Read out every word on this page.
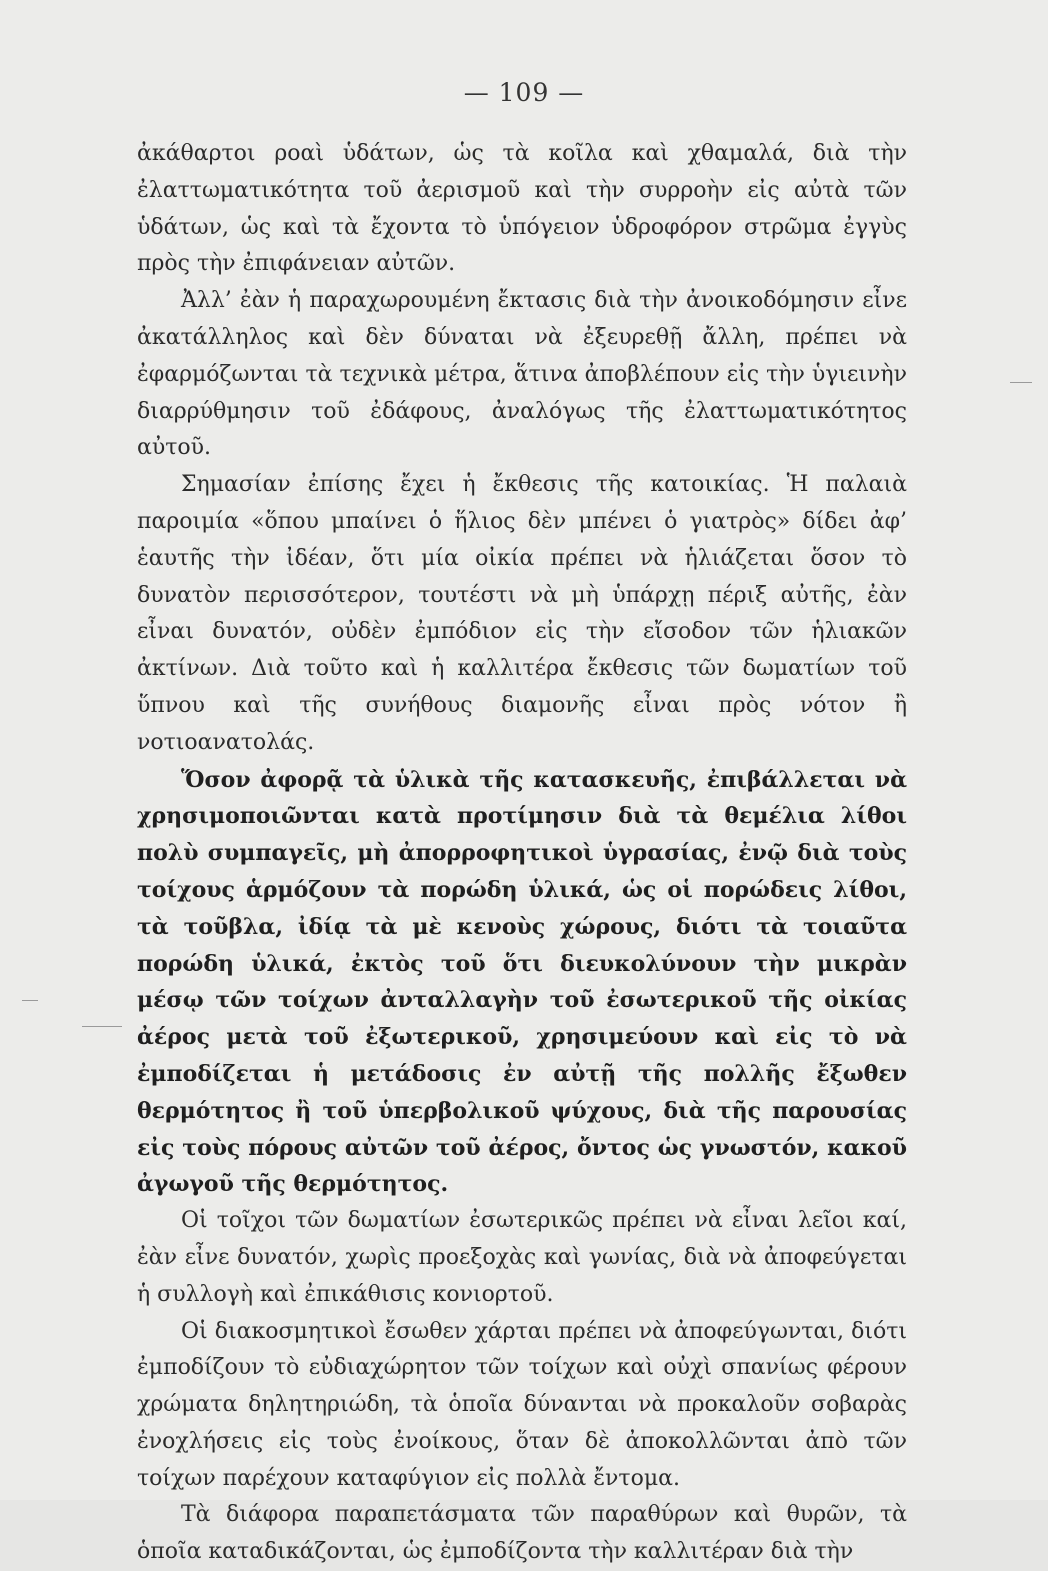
— 109 —

ἀκάθαρτοι ροαὶ ὑδάτων, ὡς τὰ κοῖλα καὶ χθαμαλά, διὰ τὴν ἐλαττωματικότητα τοῦ ἀερισμοῦ καὶ τὴν συρροὴν εἰς αὐτὰ τῶν ὑδάτων, ὡς καὶ τὰ ἔχοντα τὸ ὑπόγειον ὑδροφόρον στρῶμα ἐγγὺς πρὸς τὴν ἐπιφάνειαν αὐτῶν.

Ἀλλ’ ἐὰν ἡ παραχωρουμένη ἔκτασις διὰ τὴν ἀνοικοδόμησιν εἶνε ἀκατάλληλος καὶ δὲν δύναται νὰ ἐξευρεθῇ ἄλλη, πρέπει νὰ ἐφαρμόζωνται τὰ τεχνικὰ μέτρα, ἅτινα ἀποβλέπουν εἰς τὴν ὑγιεινὴν διαρρύθμησιν τοῦ ἐδάφους, ἀναλόγως τῆς ἐλαττωματικότητος αὐτοῦ.

Σημασίαν ἐπίσης ἔχει ἡ ἔκθεσις τῆς κατοικίας. Ἡ παλαιὰ παροιμία «ὅπου μπαίνει ὁ ἥλιος δὲν μπένει ὁ γιατρὸς» δίδει ἀφ’ ἑαυτῆς τὴν ἰδέαν, ὅτι μία οἰκία πρέπει νὰ ἡλιάζεται ὅσον τὸ δυνατὸν περισσότερον, τουτέστι νὰ μὴ ὑπάρχῃ πέριξ αὐτῆς, ἐὰν εἶναι δυνατόν, οὐδὲν ἐμπόδιον εἰς τὴν εἴσοδον τῶν ἡλιακῶν ἀκτίνων. Διὰ τοῦτο καὶ ἡ καλλιτέρα ἔκθεσις τῶν δωματίων τοῦ ὕπνου καὶ τῆς συνήθους διαμονῆς εἶναι πρὸς νότον ἢ νοτιοανατολάς.

Ὅσον ἀφορᾷ τὰ ὑλικὰ τῆς κατασκευῆς, ἐπιβάλλεται νὰ χρησιμοποιῶνται κατὰ προτίμησιν διὰ τὰ θεμέλια λίθοι πολὺ συμπαγεῖς, μὴ ἀπορροφητικοὶ ὑγρασίας, ἐνῷ διὰ τοὺς τοίχους ἁρμόζουν τὰ πορώδη ὑλικά, ὡς οἱ πορώδεις λίθοι, τὰ τοῦβλα, ἰδίᾳ τὰ μὲ κενοὺς χώρους, διότι τὰ τοιαῦτα πορώδη ὑλικά, ἐκτὸς τοῦ ὅτι διευκολύνουν τὴν μικρὰν μέσῳ τῶν τοίχων ἀνταλλαγὴν τοῦ ἐσωτερικοῦ τῆς οἰκίας ἀέρος μετὰ τοῦ ἐξωτερικοῦ, χρησιμεύουν καὶ εἰς τὸ νὰ ἐμποδίζεται ἡ μετάδοσις ἐν αὐτῇ τῆς πολλῆς ἔξωθεν θερμότητος ἢ τοῦ ὑπερβολικοῦ ψύχους, διὰ τῆς παρουσίας εἰς τοὺς πόρους αὐτῶν τοῦ ἀέρος, ὄντος ὡς γνωστόν, κακοῦ ἀγωγοῦ τῆς θερμότητος.

Οἱ τοῖχοι τῶν δωματίων ἐσωτερικῶς πρέπει νὰ εἶναι λεῖοι καί, ἐὰν εἶνε δυνατόν, χωρὶς προεξοχὰς καὶ γωνίας, διὰ νὰ ἀποφεύγεται ἡ συλλογὴ καὶ ἐπικάθισις κονιορτοῦ.

Οἱ διακοσμητικοὶ ἔσωθεν χάρται πρέπει νὰ ἀποφεύγωνται, διότι ἐμποδίζουν τὸ εὐδιαχώρητον τῶν τοίχων καὶ οὐχὶ σπανίως φέρουν χρώματα δηλητηριώδη, τὰ ὁποῖα δύνανται νὰ προκαλοῦν σοβαρὰς ἐνοχλήσεις εἰς τοὺς ἐνοίκους, ὅταν δὲ ἀποκολλῶνται ἀπὸ τῶν τοίχων παρέχουν καταφύγιον εἰς πολλὰ ἔντομα.

Τὰ διάφορα παραπετάσματα τῶν παραθύρων καὶ θυρῶν, τὰ ὁποῖα καταδικάζονται, ὡς ἐμποδίζοντα τὴν καλλιτέραν διὰ τὴν
